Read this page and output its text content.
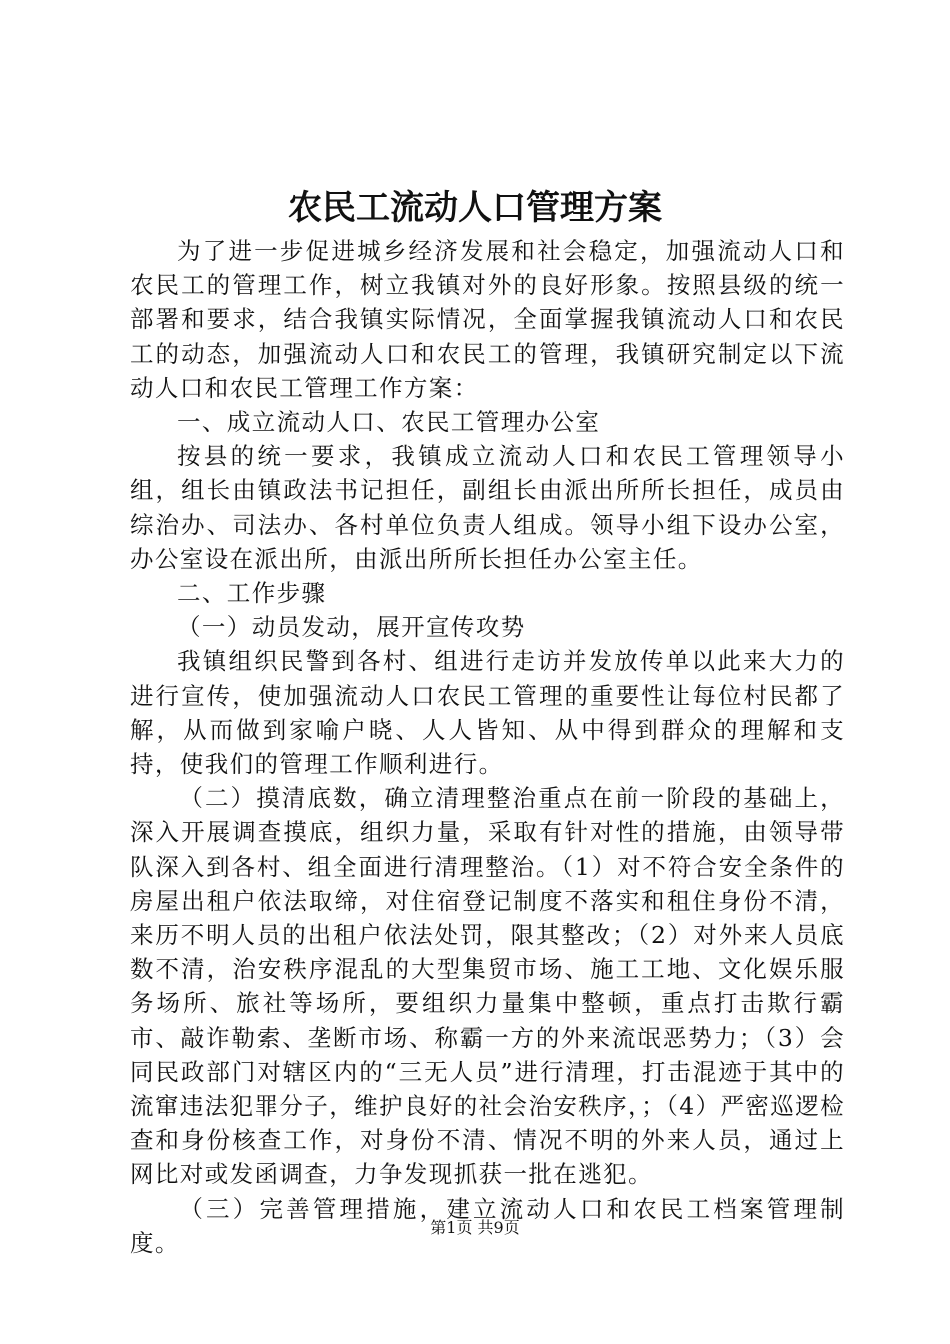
农民工流动人口管理方案

为了进一步促进城乡经济发展和社会稳定，加强流动人口和农民工的管理工作，树立我镇对外的良好形象。按照县级的统一部署和要求，结合我镇实际情况，全面掌握我镇流动人口和农民工的动态，加强流动人口和农民工的管理，我镇研究制定以下流动人口和农民工管理工作方案：

一、成立流动人口、农民工管理办公室

按县的统一要求，我镇成立流动人口和农民工管理领导小组，组长由镇政法书记担任，副组长由派出所所长担任，成员由综治办、司法办、各村单位负责人组成。领导小组下设办公室，办公室设在派出所，由派出所所长担任办公室主任。

二、工作步骤

（一）动员发动，展开宣传攻势

我镇组织民警到各村、组进行走访并发放传单以此来大力的进行宣传，使加强流动人口农民工管理的重要性让每位村民都了解，从而做到家喻户晓、人人皆知、从中得到群众的理解和支持，使我们的管理工作顺利进行。

（二）摸清底数，确立清理整治重点在前一阶段的基础上，深入开展调查摸底，组织力量，采取有针对性的措施，由领导带队深入到各村、组全面进行清理整治。（1）对不符合安全条件的房屋出租户依法取缔，对住宿登记制度不落实和租住身份不清，来历不明人员的出租户依法处罚，限其整改；（2）对外来人员底数不清，治安秩序混乱的大型集贸市场、施工工地、文化娱乐服务场所、旅社等场所，要组织力量集中整顿，重点打击欺行霸市、敲诈勒索、垄断市场、称霸一方的外来流氓恶势力；（3）会同民政部门对辖区内的“三无人员”进行清理，打击混迹于其中的流窜违法犯罪分子，维护良好的社会治安秩序，；（4）严密巡逻检查和身份核查工作，对身份不清、情况不明的外来人员，通过上网比对或发函调查，力争发现抓获一批在逃犯。

（三）完善管理措施，建立流动人口和农民工档案管理制度。

第1页 共9页
